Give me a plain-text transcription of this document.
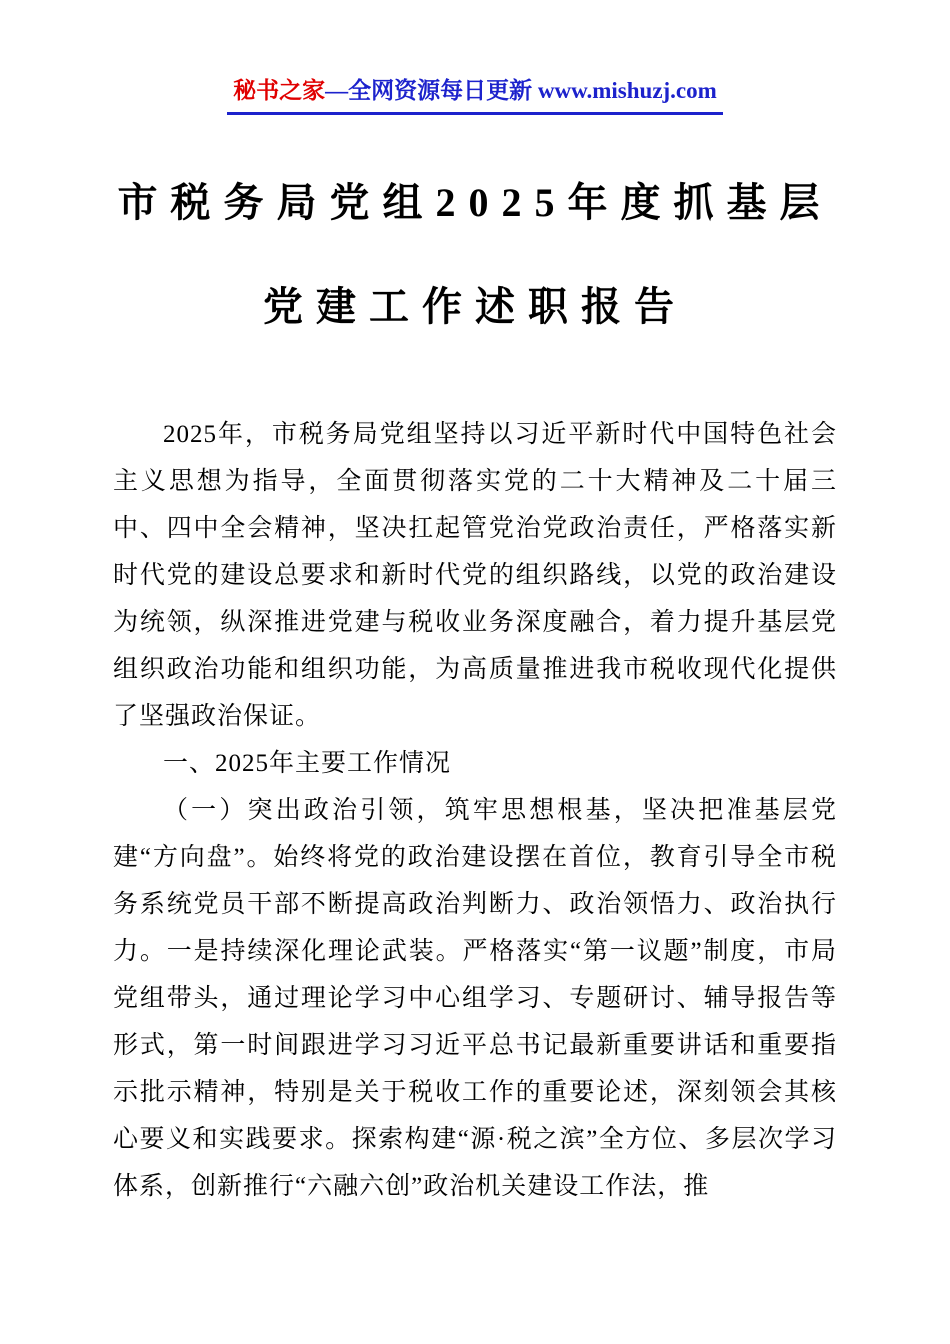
秘书之家—全网资源每日更新 www.mishuzj.com
市税务局党组2025年度抓基层
党建工作述职报告

2025年，市税务局党组坚持以习近平新时代中国特色社会主义思想为指导，全面贯彻落实党的二十大精神及二十届三中、四中全会精神，坚决扛起管党治党政治责任，严格落实新时代党的建设总要求和新时代党的组织路线，以党的政治建设为统领，纵深推进党建与税收业务深度融合，着力提升基层党组织政治功能和组织功能，为高质量推进我市税收现代化提供了坚强政治保证。

一、2025年主要工作情况

（一）突出政治引领，筑牢思想根基，坚决把准基层党建“方向盘”。始终将党的政治建设摆在首位，教育引导全市税务系统党员干部不断提高政治判断力、政治领悟力、政治执行力。一是持续深化理论武装。严格落实“第一议题”制度，市局党组带头，通过理论学习中心组学习、专题研讨、辅导报告等形式，第一时间跟进学习习近平总书记最新重要讲话和重要指示批示精神，特别是关于税收工作的重要论述，深刻领会其核心要义和实践要求。探索构建“源·税之滨”全方位、多层次学习体系，创新推行“六融六创”政治机关建设工作法，推
